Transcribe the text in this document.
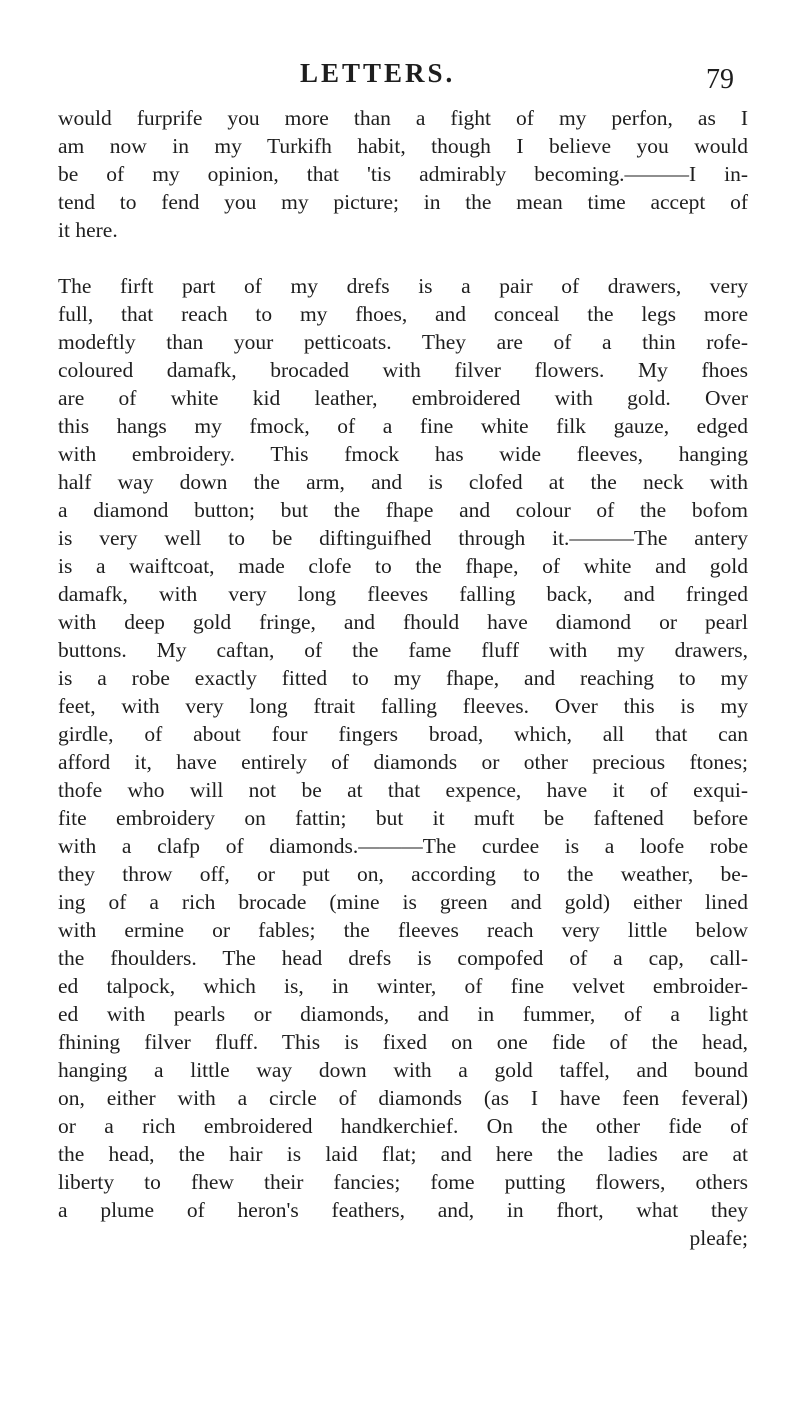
LETTERS.	79
would furprife you more than a fight of my perfon, as I
am now in my Turkifh habit, though I believe you would
be of my opinion, that 'tis admirably becoming.———I in-
tend to fend you my picture; in the mean time accept of
it here.
The firft part of my drefs is a pair of drawers, very
full, that reach to my fhoes, and conceal the legs more
modeftly than your petticoats. They are of a thin rofe-
coloured damafk, brocaded with filver flowers. My fhoes
are of white kid leather, embroidered with gold. Over
this hangs my fmock, of a fine white filk gauze, edged
with embroidery. This fmock has wide fleeves, hanging
half way down the arm, and is clofed at the neck with
a diamond button; but the fhape and colour of the bofom
is very well to be diftinguifhed through it.———The antery
is a waiftcoat, made clofe to the fhape, of white and gold
damafk, with very long fleeves falling back, and fringed
with deep gold fringe, and fhould have diamond or pearl
buttons. My caftan, of the fame fluff with my drawers,
is a robe exactly fitted to my fhape, and reaching to my
feet, with very long ftrait falling fleeves. Over this is my
girdle, of about four fingers broad, which, all that can
afford it, have entirely of diamonds or other precious ftones;
thofe who will not be at that expence, have it of exqui-
fite embroidery on fattin; but it muft be faftened before
with a clafp of diamonds.———The curdee is a loofe robe
they throw off, or put on, according to the weather, be-
ing of a rich brocade (mine is green and gold) either lined
with ermine or fables; the fleeves reach very little below
the fhoulders. The head drefs is compofed of a cap, call-
ed talpock, which is, in winter, of fine velvet embroider-
ed with pearls or diamonds, and in fummer, of a light
fhining filver fluff. This is fixed on one fide of the head,
hanging a little way down with a gold taffel, and bound
on, either with a circle of diamonds (as I have feen feveral)
or a rich embroidered handkerchief. On the other fide of
the head, the hair is laid flat; and here the ladies are at
liberty to fhew their fancies; fome putting flowers, others
a plume of heron's feathers, and, in fhort, what they
pleafe;
